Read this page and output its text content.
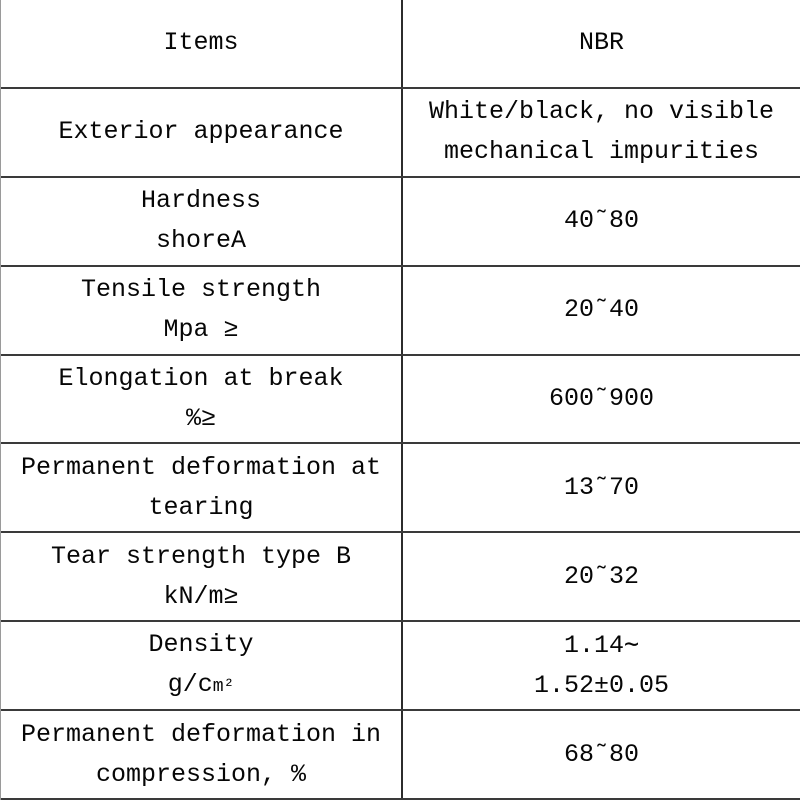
Items	NBR
Exterior appearance
White/black, no visible
mechanical impurities
Hardness
shoreA
40˜80
Tensile strength
Mpa ≥
20˜40
Elongation at break
%≥
600˜900
Permanent deformation at
tearing
13˜70
Tear strength type B
kN/m≥
20˜32
Density
g/cm²
1.14∼
1.52±0.05
Permanent deformation in
compression, %
68˜80
